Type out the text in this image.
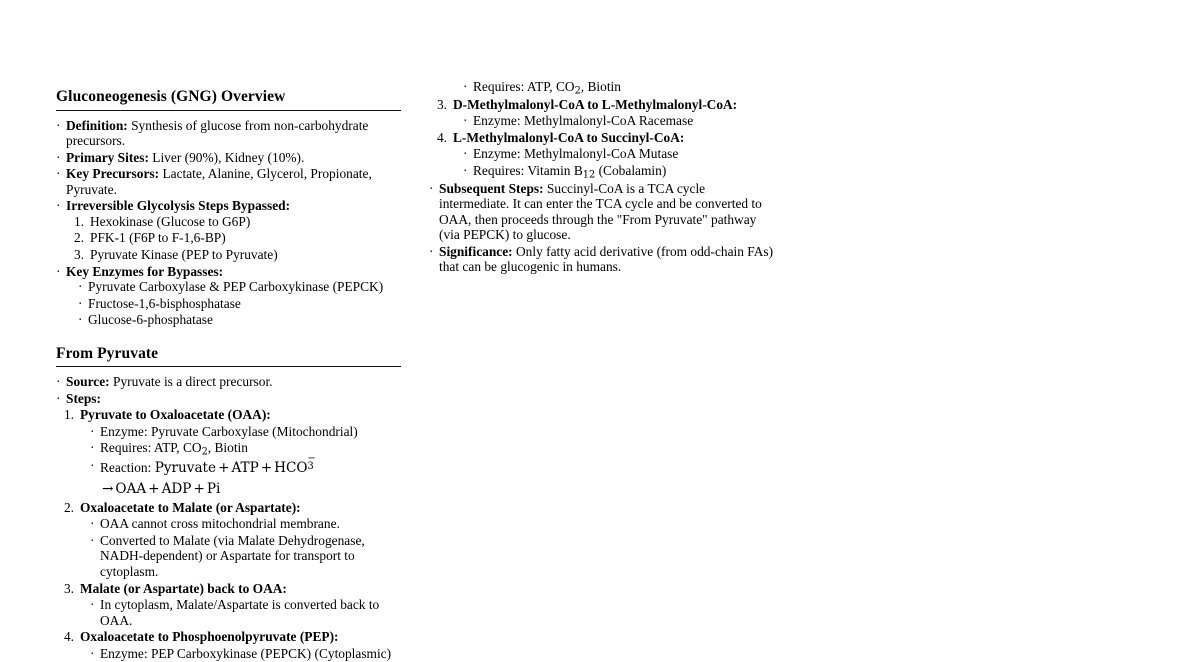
Gluconeogenesis (GNG) Overview
· Definition: Synthesis of glucose from non-carbohydrate precursors.
· Primary Sites: Liver (90%), Kidney (10%).
· Key Precursors: Lactate, Alanine, Glycerol, Propionate, Pyruvate.
· Irreversible Glycolysis Steps Bypassed:
1. Hexokinase (Glucose to G6P)
2. PFK-1 (F6P to F-1,6-BP)
3. Pyruvate Kinase (PEP to Pyruvate)
· Key Enzymes for Bypasses:
· Pyruvate Carboxylase & PEP Carboxykinase (PEPCK)
· Fructose-1,6-bisphosphatase
· Glucose-6-phosphatase
From Pyruvate
· Source: Pyruvate is a direct precursor.
· Steps:
1. Pyruvate to Oxaloacetate (OAA):
· Enzyme: Pyruvate Carboxylase (Mitochondrial)
· Requires: ATP, $CO_2$, Biotin
· Reaction: Pyruvate + ATP + HCO
−
3
→ OAA + ADP + Pi
2. Oxaloacetate to Malate (or Aspartate):
· OAA cannot cross mitochondrial membrane.
· Converted to Malate (via Malate Dehydrogenase, NADH-dependent) or Aspartate for transport to cytoplasm.
3. Malate (or Aspartate) back to OAA:
· In cytoplasm, Malate/Aspartate is converted back to OAA.
4. Oxaloacetate to Phosphoenolpyruvate (PEP):
· Enzyme: PEP Carboxykinase (PEPCK) (Cytoplasmic)
· Requires: ATP, $CO_2$, Biotin
3. D-Methylmalonyl-CoA to L-Methylmalonyl-CoA:
· Enzyme: Methylmalonyl-CoA Racemase
4. L-Methylmalonyl-CoA to Succinyl-CoA:
· Enzyme: Methylmalonyl-CoA Mutase
· Requires: Vitamin $B_{12}$ (Cobalamin)
· Subsequent Steps: Succinyl-CoA is a TCA cycle intermediate. It can enter the TCA cycle and be converted to OAA, then proceeds through the "From Pyruvate" pathway (via PEPCK) to glucose.
· Significance: Only fatty acid derivative (from odd-chain FAs) that can be glucogenic in humans.
